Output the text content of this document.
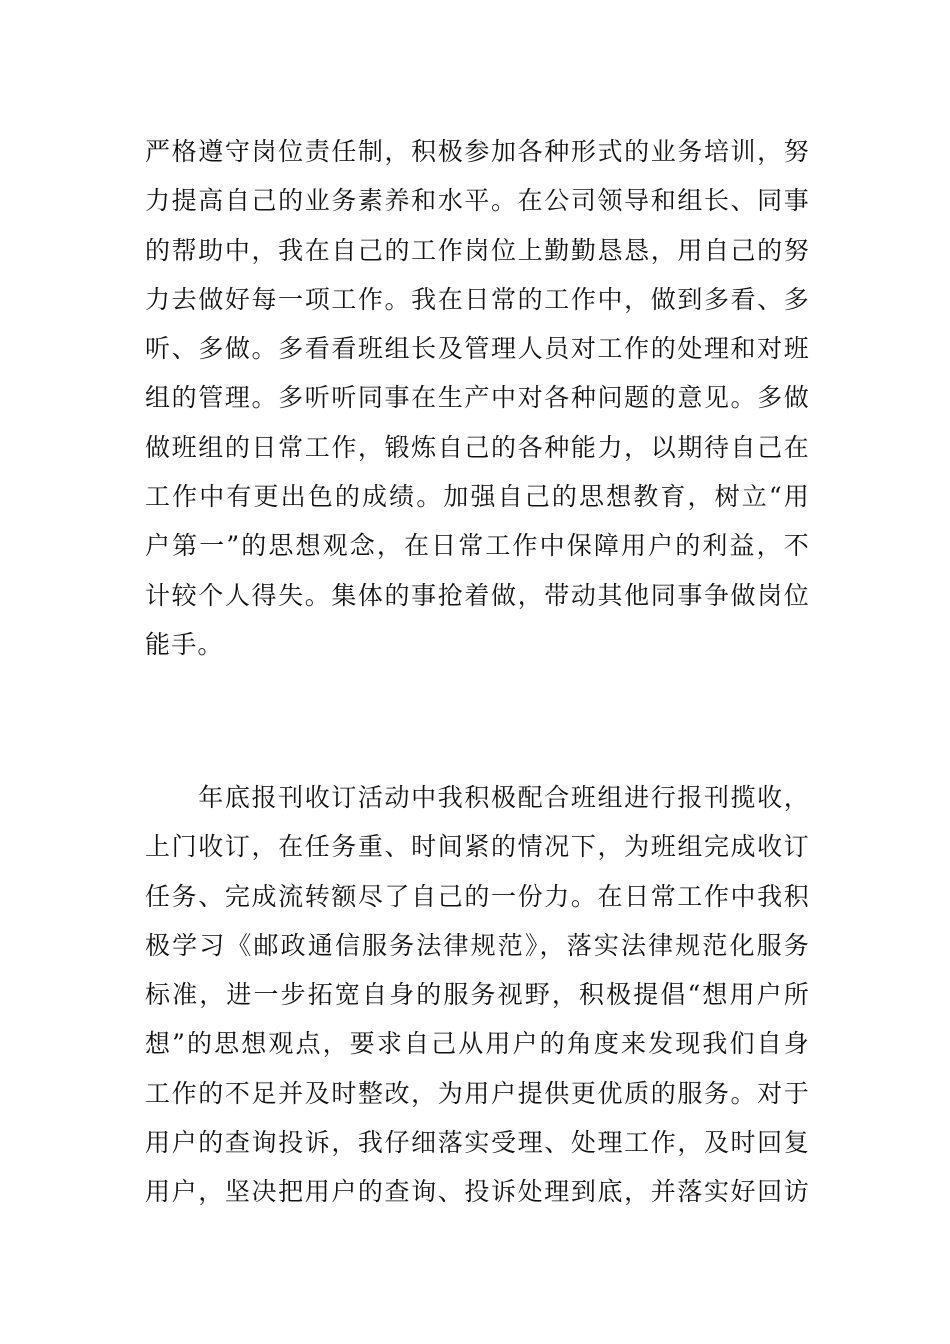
严格遵守岗位责任制，积极参加各种形式的业务培训，努
力提高自己的业务素养和水平。在公司领导和组长、同事
的帮助中，我在自己的工作岗位上勤勤恳恳，用自己的努
力去做好每一项工作。我在日常的工作中，做到多看、多
听、多做。多看看班组长及管理人员对工作的处理和对班
组的管理。多听听同事在生产中对各种问题的意见。多做
做班组的日常工作，锻炼自己的各种能力，以期待自己在
工作中有更出色的成绩。加强自己的思想教育，树立“用
户第一”的思想观念，在日常工作中保障用户的利益，不
计较个人得失。集体的事抢着做，带动其他同事争做岗位
能手。

　　年底报刊收订活动中我积极配合班组进行报刊揽收，
上门收订，在任务重、时间紧的情况下，为班组完成收订
任务、完成流转额尽了自己的一份力。在日常工作中我积
极学习《邮政通信服务法律规范》，落实法律规范化服务
标准，进一步拓宽自身的服务视野，积极提倡“想用户所
想”的思想观点，要求自己从用户的角度来发现我们自身
工作的不足并及时整改，为用户提供更优质的服务。对于
用户的查询投诉，我仔细落实受理、处理工作，及时回复
用户，坚决把用户的查询、投诉处理到底，并落实好回访
